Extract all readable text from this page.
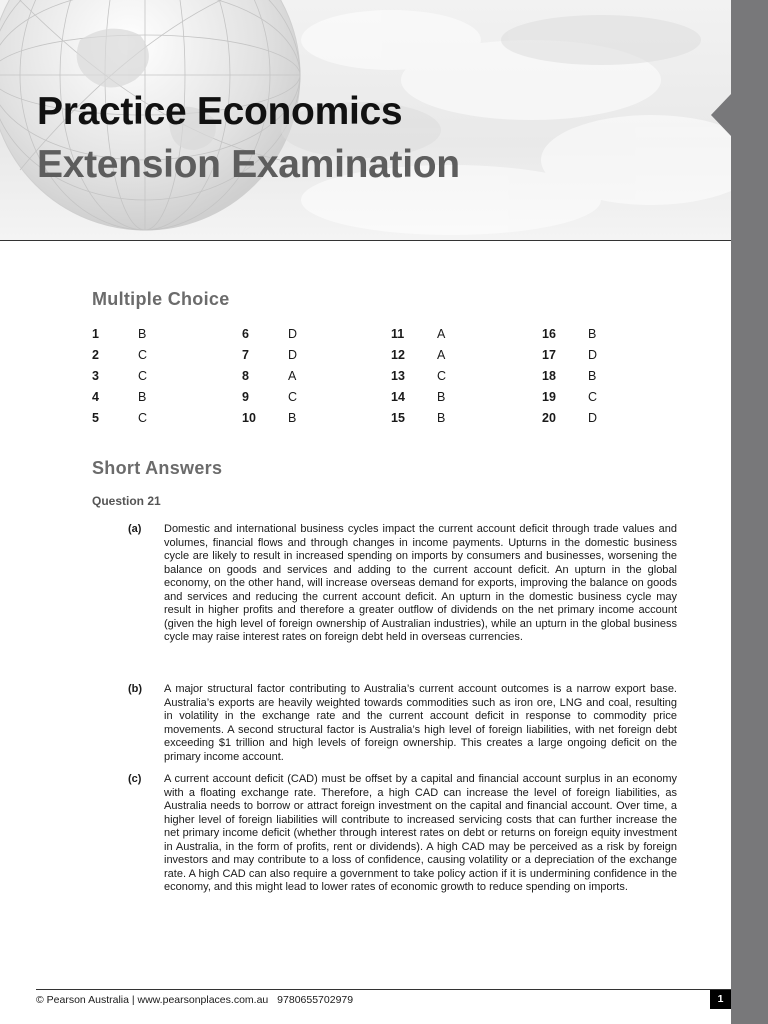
Practice Economics
Extension Examination
Multiple Choice
1	B
2	C
3	C
4	B
5	C
6	D
7	D
8	A
9	C
10	B
11	A
12	A
13	C
14	B
15	B
16	B
17	D
18	B
19	C
20	D
Short Answers
Question 21
(a) Domestic and international business cycles impact the current account deficit through trade values and volumes, financial flows and through changes in income payments. Upturns in the domestic business cycle are likely to result in increased spending on imports by consumers and businesses, worsening the balance on goods and services and adding to the current account deficit. An upturn in the global economy, on the other hand, will increase overseas demand for exports, improving the balance on goods and services and reducing the current account deficit. An upturn in the domestic business cycle may result in higher profits and therefore a greater outflow of dividends on the net primary income account (given the high level of foreign ownership of Australian industries), while an upturn in the global business cycle may raise interest rates on foreign debt held in overseas currencies.

(b) A major structural factor contributing to Australia’s current account outcomes is a narrow export base. Australia’s exports are heavily weighted towards commodities such as iron ore, LNG and coal, resulting in volatility in the exchange rate and the current account deficit in response to commodity price movements. A second structural factor is Australia’s high level of foreign liabilities, with net foreign debt exceeding $1 trillion and high levels of foreign ownership. This creates a large ongoing deficit on the primary income account.

(c) A current account deficit (CAD) must be offset by a capital and financial account surplus in an economy with a floating exchange rate. Therefore, a high CAD can increase the level of foreign liabilities, as Australia needs to borrow or attract foreign investment on the capital and financial account. Over time, a higher level of foreign liabilities will contribute to increased servicing costs that can further increase the net primary income deficit (whether through interest rates on debt or returns on foreign equity investment in Australia, in the form of profits, rent or dividends). A high CAD may be perceived as a risk by foreign investors and may contribute to a loss of confidence, causing volatility or a depreciation of the exchange rate. A high CAD can also require a government to take policy action if it is undermining confidence in the economy, and this might lead to lower rates of economic growth to reduce spending on imports.

© Pearson Australia | www.pearsonplaces.com.au 9780655702979	1
